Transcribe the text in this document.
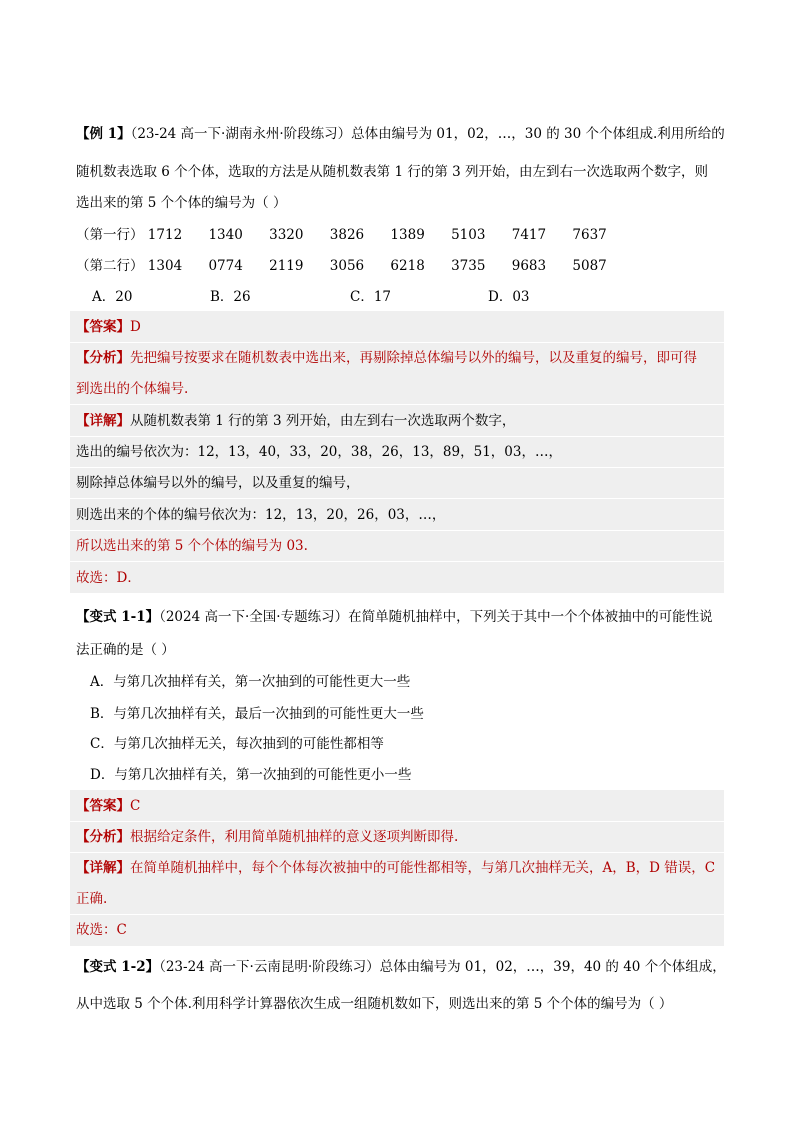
【例 1】（23-24 高一下·湖南永州·阶段练习）总体由编号为 01，02，…，30 的 30 个个体组成.利用所给的
随机数表选取 6 个个体，选取的方法是从随机数表第 1 行的第 3 列开始，由左到右一次选取两个数字，则
选出来的第 5 个个体的编号为（ ）
（第一行） 1712 1340 3320 3826 1389 5103 7417 7637
（第二行） 1304 0774 2119 3056 6218 3735 9683 5087
A．20	B．26	C．17	D．03
【答案】D
【分析】先把编号按要求在随机数表中选出来，再剔除掉总体编号以外的编号，以及重复的编号，即可得
到选出的个体编号.
【详解】从随机数表第 1 行的第 3 列开始，由左到右一次选取两个数字，
选出的编号依次为：12，13，40，33，20，38，26，13，89，51，03，…，
剔除掉总体编号以外的编号，以及重复的编号，
则选出来的个体的编号依次为：12，13，20，26，03，…，
所以选出来的第 5 个个体的编号为 03.
故选：D．
【变式 1-1】（2024 高一下·全国·专题练习）在简单随机抽样中，下列关于其中一个个体被抽中的可能性说
法正确的是（ ）
A．与第几次抽样有关，第一次抽到的可能性更大一些
B．与第几次抽样有关，最后一次抽到的可能性更大一些
C．与第几次抽样无关，每次抽到的可能性都相等
D．与第几次抽样有关，第一次抽到的可能性更小一些
【答案】C
【分析】根据给定条件，利用简单随机抽样的意义逐项判断即得.
【详解】在简单随机抽样中，每个个体每次被抽中的可能性都相等，与第几次抽样无关，A，B，D 错误，C
正确.
故选：C
【变式 1-2】（23-24 高一下·云南昆明·阶段练习）总体由编号为 01，02，…，39，40 的 40 个个体组成，
从中选取 5 个个体.利用科学计算器依次生成一组随机数如下，则选出来的第 5 个个体的编号为（ ）
